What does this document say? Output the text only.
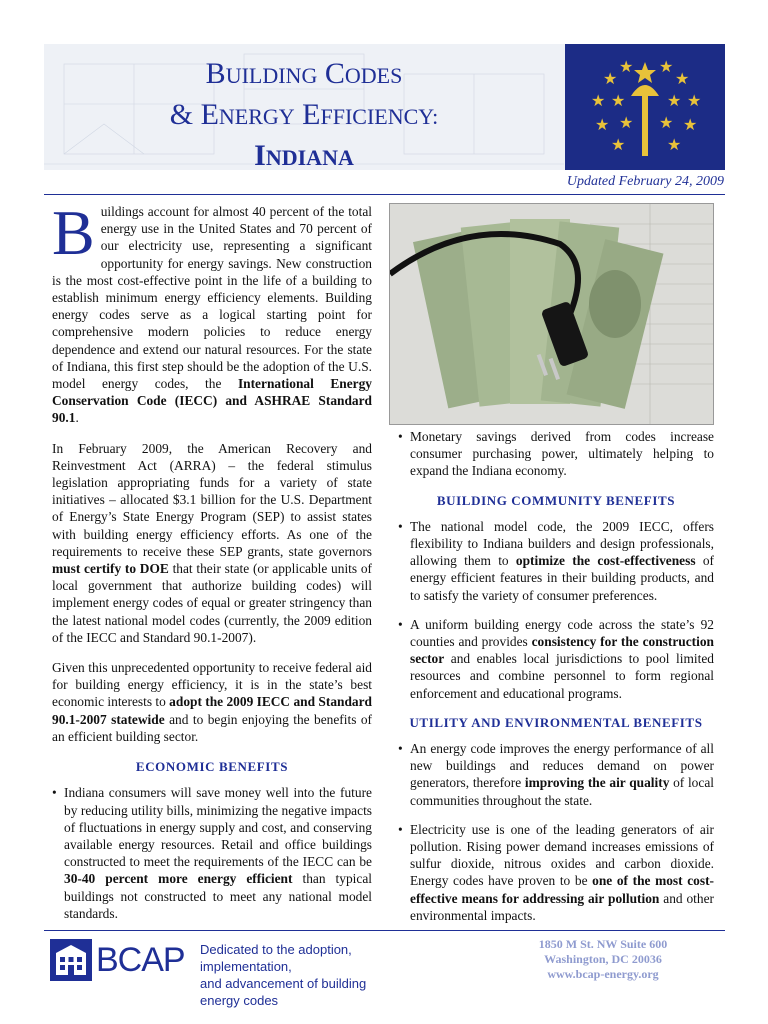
BUILDING CODES
& ENERGY EFFICIENCY:
INDIANA
★	★
★	★
★	★
★	★
★ ★
★	★
★ ★
Updated February 24, 2009

Buildings account for almost 40 percent of the total energy use in the United States and 70 percent of our electricity use, representing a significant opportunity for energy savings. New construction is the most cost-effective point in the life of a building to establish minimum energy efficiency elements. Building energy codes serve as a logical starting point for comprehensive modern policies to reduce energy dependence and extend our natural resources. For the state of Indiana, this first step should be the adoption of the U.S. model energy codes, the International Energy Conservation Code (IECC) and ASHRAE Standard 90.1.

In February 2009, the American Recovery and Reinvestment Act (ARRA) – the federal stimulus legislation appropriating funds for a variety of state initiatives – allocated $3.1 billion for the U.S. Department of Energy’s State Energy Program (SEP) to assist states with building energy efficiency efforts. As one of the requirements to receive these SEP grants, state governors must certify to DOE that their state (or applicable units of local government that authorize building codes) will implement energy codes of equal or greater stringency than the latest national model codes (currently, the 2009 edition of the IECC and Standard 90.1-2007).

Given this unprecedented opportunity to receive federal aid for building energy efficiency, it is in the state’s best economic interests to adopt the 2009 IECC and Standard 90.1-2007 statewide and to begin enjoying the benefits of an efficient building sector.

ECONOMIC BENEFITS
• Indiana consumers will save money well into the future by reducing utility bills, minimizing the negative impacts of fluctuations in energy supply and cost, and conserving available energy resources. Retail and office buildings constructed to meet the requirements of the IECC can be 30-40 percent more energy efficient than typical buildings not constructed to meet any national model standards.
• Monetary savings derived from codes increase consumer purchasing power, ultimately helping to expand the Indiana economy.
BUILDING COMMUNITY BENEFITS
• The national model code, the 2009 IECC, offers flexibility to Indiana builders and design professionals, allowing them to optimize the cost-effectiveness of energy efficient features in their building products, and to satisfy the variety of consumer preferences.
• A uniform building energy code across the state’s 92 counties and provides consistency for the construction sector and enables local jurisdictions to pool limited resources and combine personnel to form regional enforcement and educational programs.
UTILITY AND ENVIRONMENTAL BENEFITS
• An energy code improves the energy performance of all new buildings and reduces demand on power generators, therefore improving the air quality of local communities throughout the state.
• Electricity use is one of the leading generators of air pollution. Rising power demand increases emissions of sulfur dioxide, nitrous oxides and carbon dioxide. Energy codes have proven to be one of the most cost-effective means for addressing air pollution and other environmental impacts.
BCAP Dedicated to the adoption, implementation,
and advancement of building energy codes
1850 M St. NW Suite 600
Washington, DC 20036
www.bcap-energy.org
